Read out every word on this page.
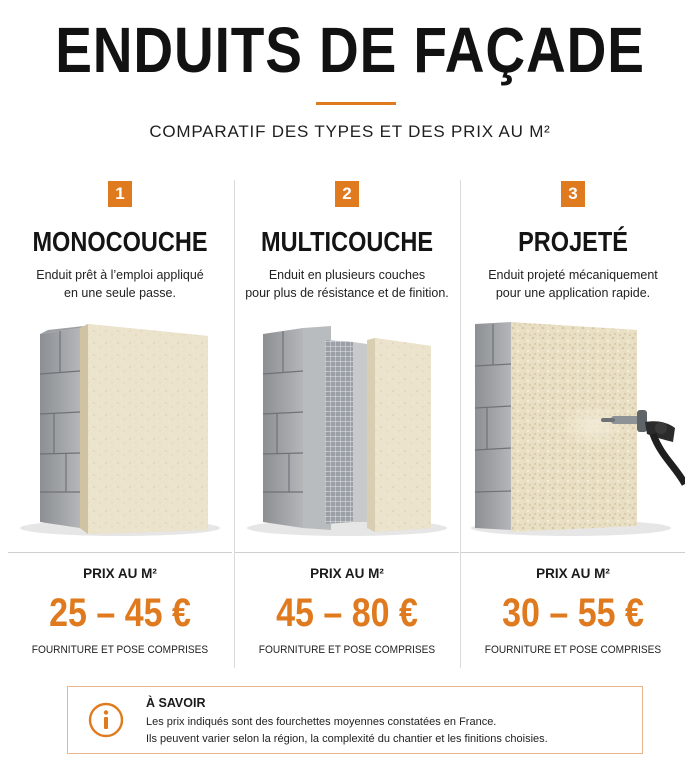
ENDUITS DE FAÇADE
COMPARATIF DES TYPES ET DES PRIX AU M²
1
MONOCOUCHE
Enduit prêt à l’emploi appliqué
en une seule passe.
PRIX AU M²
25 – 45 €
FOURNITURE ET POSE COMPRISES
2
MULTICOUCHE
Enduit en plusieurs couches
pour plus de résistance et de finition.
PRIX AU M²
45 – 80 €
FOURNITURE ET POSE COMPRISES
3
PROJETÉ
Enduit projeté mécaniquement
pour une application rapide.
PRIX AU M²
30 – 55 €
FOURNITURE ET POSE COMPRISES
À SAVOIR
Les prix indiqués sont des fourchettes moyennes constatées en France.
Ils peuvent varier selon la région, la complexité du chantier et les finitions choisies.
